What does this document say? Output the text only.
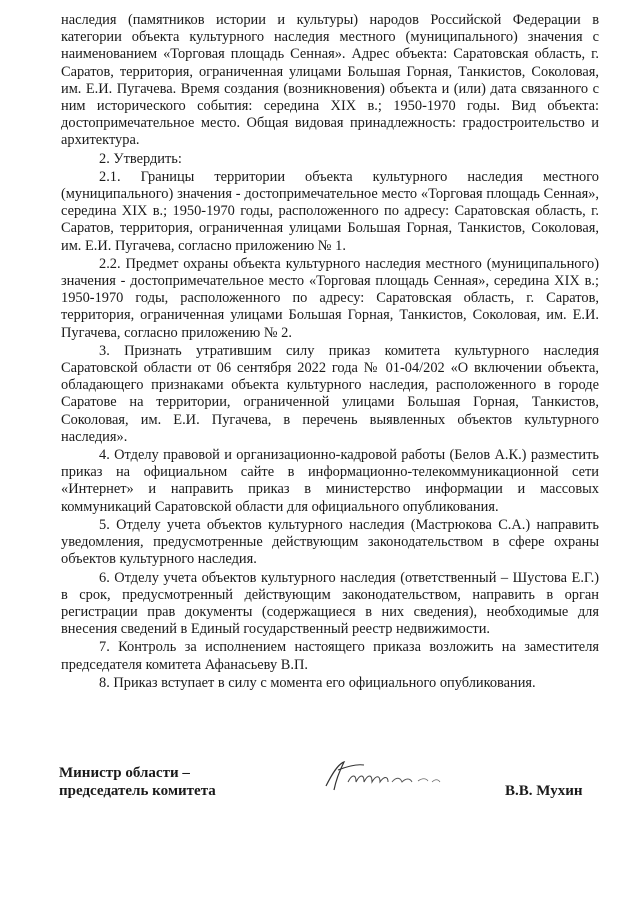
наследия (памятников истории и культуры) народов Российской Федерации в категории объекта культурного наследия местного (муниципального) значения с наименованием «Торговая площадь Сенная». Адрес объекта: Саратовская область, г. Саратов, территория, ограниченная улицами Большая Горная, Танкистов, Соколовая, им. Е.И. Пугачева. Время создания (возникновения) объекта и (или) дата связанного с ним исторического события: середина XIX в.; 1950-1970 годы. Вид объекта: достопримечательное место. Общая видовая принадлежность: градостроительство и архитектура.

2. Утвердить:

2.1. Границы территории объекта культурного наследия местного (муниципального) значения - достопримечательное место «Торговая площадь Сенная», середина XIX в.; 1950-1970 годы, расположенного по адресу: Саратовская область, г. Саратов, территория, ограниченная улицами Большая Горная, Танкистов, Соколовая, им. Е.И. Пугачева, согласно приложению № 1.

2.2. Предмет охраны объекта культурного наследия местного (муниципального) значения - достопримечательное место «Торговая площадь Сенная», середина XIX в.; 1950-1970 годы, расположенного по адресу: Саратовская область, г. Саратов, территория, ограниченная улицами Большая Горная, Танкистов, Соколовая, им. Е.И. Пугачева, согласно приложению № 2.

3. Признать утратившим силу приказ комитета культурного наследия Саратовской области от 06 сентября 2022 года № 01-04/202 «О включении объекта, обладающего признаками объекта культурного наследия, расположенного в городе Саратове на территории, ограниченной улицами Большая Горная, Танкистов, Соколовая, им. Е.И. Пугачева, в перечень выявленных объектов культурного наследия».

4. Отделу правовой и организационно-кадровой работы (Белов А.К.) разместить приказ на официальном сайте в информационно-телекоммуникационной сети «Интернет» и направить приказ в министерство информации и массовых коммуникаций Саратовской области для официального опубликования.

5. Отделу учета объектов культурного наследия (Мастрюкова С.А.) направить уведомления, предусмотренные действующим законодательством в сфере охраны объектов культурного наследия.

6. Отделу учета объектов культурного наследия (ответственный – Шустова Е.Г.) в срок, предусмотренный действующим законодательством, направить в орган регистрации прав документы (содержащиеся в них сведения), необходимые для внесения сведений в Единый государственный реестр недвижимости.

7. Контроль за исполнением настоящего приказа возложить на заместителя председателя комитета Афанасьеву В.П.

8. Приказ вступает в силу с момента его официального опубликования.

Министр области –
председатель комитета	В.В. Мухин
